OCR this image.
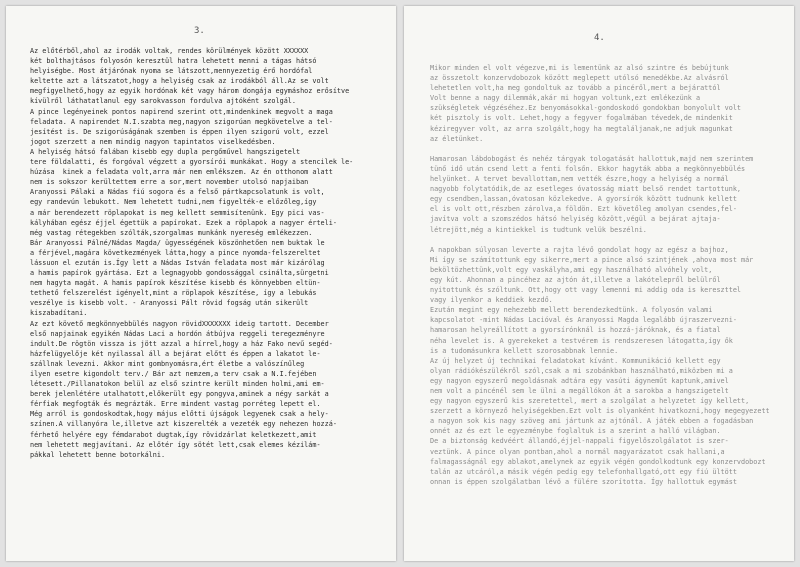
3.
Az előtérből,ahol az irodák voltak, rendes körülmények között XXXXXX
két bolthajtásos folyosón keresztül hatra lehetett menni a tágas hátsó
helyiségbe. Most átjárónak nyoma se látszott,mennyezetig érő hordófal
keltette azt a látszatot,hogy a helyiség csak az irodákból áll.Az se volt
megfigyelhető,hogy az egyik hordónak két vagy három dongája egymáshoz erősítve
kívülről láthatatlanul egy sarokvasson fordulva ajtóként szolgál.
A pince legényeinek pontos napirend szerint ott,mindenkinek megvolt a maga
feladata. A napirendet N.I.szabta meg,nagyon szigorúan megkövetelve a tel-
jesítést is. De szigorúságának szemben is éppen ilyen szigorú volt, ezzel
jogot szerzett a nem mindig nagyon tapintatos viselkedésben.
A helyiség hátsó falában kisebb egy dupla pergőművel hangszigetelt
tere földalatti, és forgóval végzett a gyorsírói munkákat. Hogy a stencilek le-
húzása  kinek a feladata volt,arra már nem emlékszem. Az én otthonom alatt
nem is sokszor kerültettem erre a sor,mert november utolsó napjaiban
Aranyossi Pálaki a Nádas fiú sogora és a felső pártkapcsolatunk is volt,
egy randevún lebukott. Nem lehetett tudni,nem figyelték-e előzőleg,így
a már berendezett röplapokat is meg kellett semmisítenünk. Egy pici vas-
kályhában egész éjjel égettük a papírokat. Ezek a röplapok a nagyer érteli-
még vastag rétegekben szólták,szorgalmas munkánk nyereség emlékezzen.
Bár Aranyossi Pálné/Nádas Magda/ ügyességének köszönhetően nem buktak le
a férjével,magára következmények látta,hogy a pince nyomda-felszereltet
lássuon el ezután is.Így lett a Nádas István feladata most már kizárólag
a hamis papírok gyártása. Ezt a legnagyobb gondossággal csinálta,sürgetni
nem hagyta magát. A hamis papírok készítése kisebb és könnyebben eltün-
tethető felszerelést igényelt,mint a röplapok készítése, így a lebukás
veszélye is kisebb volt. - Aranyossi Pált rövid fogság után sikerült
kiszabadítani.
Az ezt követő megkönnyebbülés nagyon rövidXXXXXXX ideig tartott. December
első napjainak egyikén Nádas Laci a hordón átbújva reggeli teregezményre
indult.De rögtön vissza is jött azzal a hírrel,hogy a ház Fako nevű segéd-
házfelügyelője két nyilassal áll a bejárat előtt és éppen a lakatot le-
szállnak levezni. Akkor mint gombnyomásra,ért életbe a valószínűleg
ilyen esetre kigondolt terv./ Bár azt nemzem,a terv csak a N.I.fejében
létesett./Pillanatokon belül az első szintre került minden holmi,ami em-
berek jelenlétére utalhatott,előkerült egy pongyva,aminek a négy sarkát a
férfiak megfogták és megrázták. Erre mindent vastag porréteg lepett el.
Még arról is gondoskodtak,hogy május előtti újságok legyenek csak a hely-
színen.A villanyóra le,illetve azt kiszerelték a vezeték egy nehezen hozzá-
férhető helyére egy fémdarabot dugtak,így rövidzárlat keletkezett,amit
nem lehetett megjavítani. Az előtér így sötét lett,csak elemes kézilám-
pákkal lehetett benne botorkálni.
4.
Mikor minden el volt végezve,mi is lementünk az alsó szintre és bebújtunk
az összetolt konzervdobozok között meglepett utólsó menedékbe.Az alvásról
lehetetlen volt,ha meg gondoltuk az tovább a pincéről,mert a bejárattól
Volt benne a nagy dilemmák,akár mi hogyan voltunk,ezt emlékezünk a
szükségletek végzéséhez.Ez benyomásokkal-gondoskodó gondokban bonyolult volt
két pisztoly is volt. Lehet,hogy a fegyver fogalmában tévedek,de mindenkit
kéziregyver volt, az arra szolgált,hogy ha megtaláljanak,ne adjuk magunkat
az életünket.

Hamarosan lábdobogást és nehéz tárgyak tologatását hallottuk,majd nem szerintem
tünő idő után csend lett a fenti folsőn. Ekkor hagyták abba a megkönnyebbülés
helyünket. A tervet bevallottam,nem vették észre,hogy a helyiség a normál
nagyobb folytatódik,de az esetleges óvatosság miatt belső rendet tartottunk,
egy csendben,lassan,óvatosan közlekedve. A gyorsírók között tudnunk kellett
el is volt ott,részben zárolva,a földön. Ezt követőleg amolyan csendes,fel-
javítva volt a szomszédos hátsó helyiség között,végül a bejárat ajtaja-
létrejött,még a kintiekkel is tudtunk velük beszélni.

A napokban súlyosan leverte a rajta lévő gondolat hogy az egész a bajhoz,
Mi így se számítottunk egy sikerre,mert a pince alsó szintjének ,ahova most már
beköltözhettünk,volt egy vaskályha,ami egy használható alvóhely volt,
egy kút. Ahonnan a pincéhez az ajtón át,illetve a lakótelepről belülről
nyitottunk és szóltunk. Ott,hogy ott vagy lemenni mi addig oda is kereszttel
vagy ilyenkor a keddiek kezdő.
Ezután megint egy nehezebb mellett berendezkedtünk. A folyosón valami
kapcsolatot -mint Nádas Lacióval és Aranyossi Magda legalább újraszervezni-
hamarosan helyreállított a gyorsírónknál is hozzá-járóknak, és a fiatal
néha levelet is. A gyerekeket a testvérem is rendszeresen látogatta,így ők
is a tudomásunkra kellett szorosabbnak lennie.
Az új helyzet új technikai feladatokat kívánt. Kommunikáció kellett egy
olyan rádiókészülékről szól,csak a mi szobánkban használható,miközben mi a
egy nagyon egyszerű megoldásnak adtára egy vasúti ágyneműt kaptunk,amivel
nem volt a pincénél sem le ülni a megállókon át a sarokba a hangszigetelt
egy nagyon egyszerű kis szeretettel, mert a szolgálat a helyzetet így kellett,
szerzett a környező helyiségekben.Ezt volt is olyanként hivatkozni,hogy megegyezett
a nagyon sok kis nagy szöveg ami jártunk az ajtónál. A játék ebben a fogadásban
onnét az és ezt le egyezménybe foglaltuk is a szerint a halló világban.
De a biztonság kedvéért állandó,éjjel-nappali figyelőszolgálatot is szer-
veztünk. A pince olyan pontban,ahol a normál magyarázatot csak hallani,a
falmagasságnál egy ablakot,amelynek az egyik végén gondolkodtunk egy konzervdobozt
talán az utcáról,a másik végén pedig egy telefonhallgató,ott egy fiú ültött
onnan is éppen szolgálatban lévő a fülére szorította. Így hallottuk egymást
